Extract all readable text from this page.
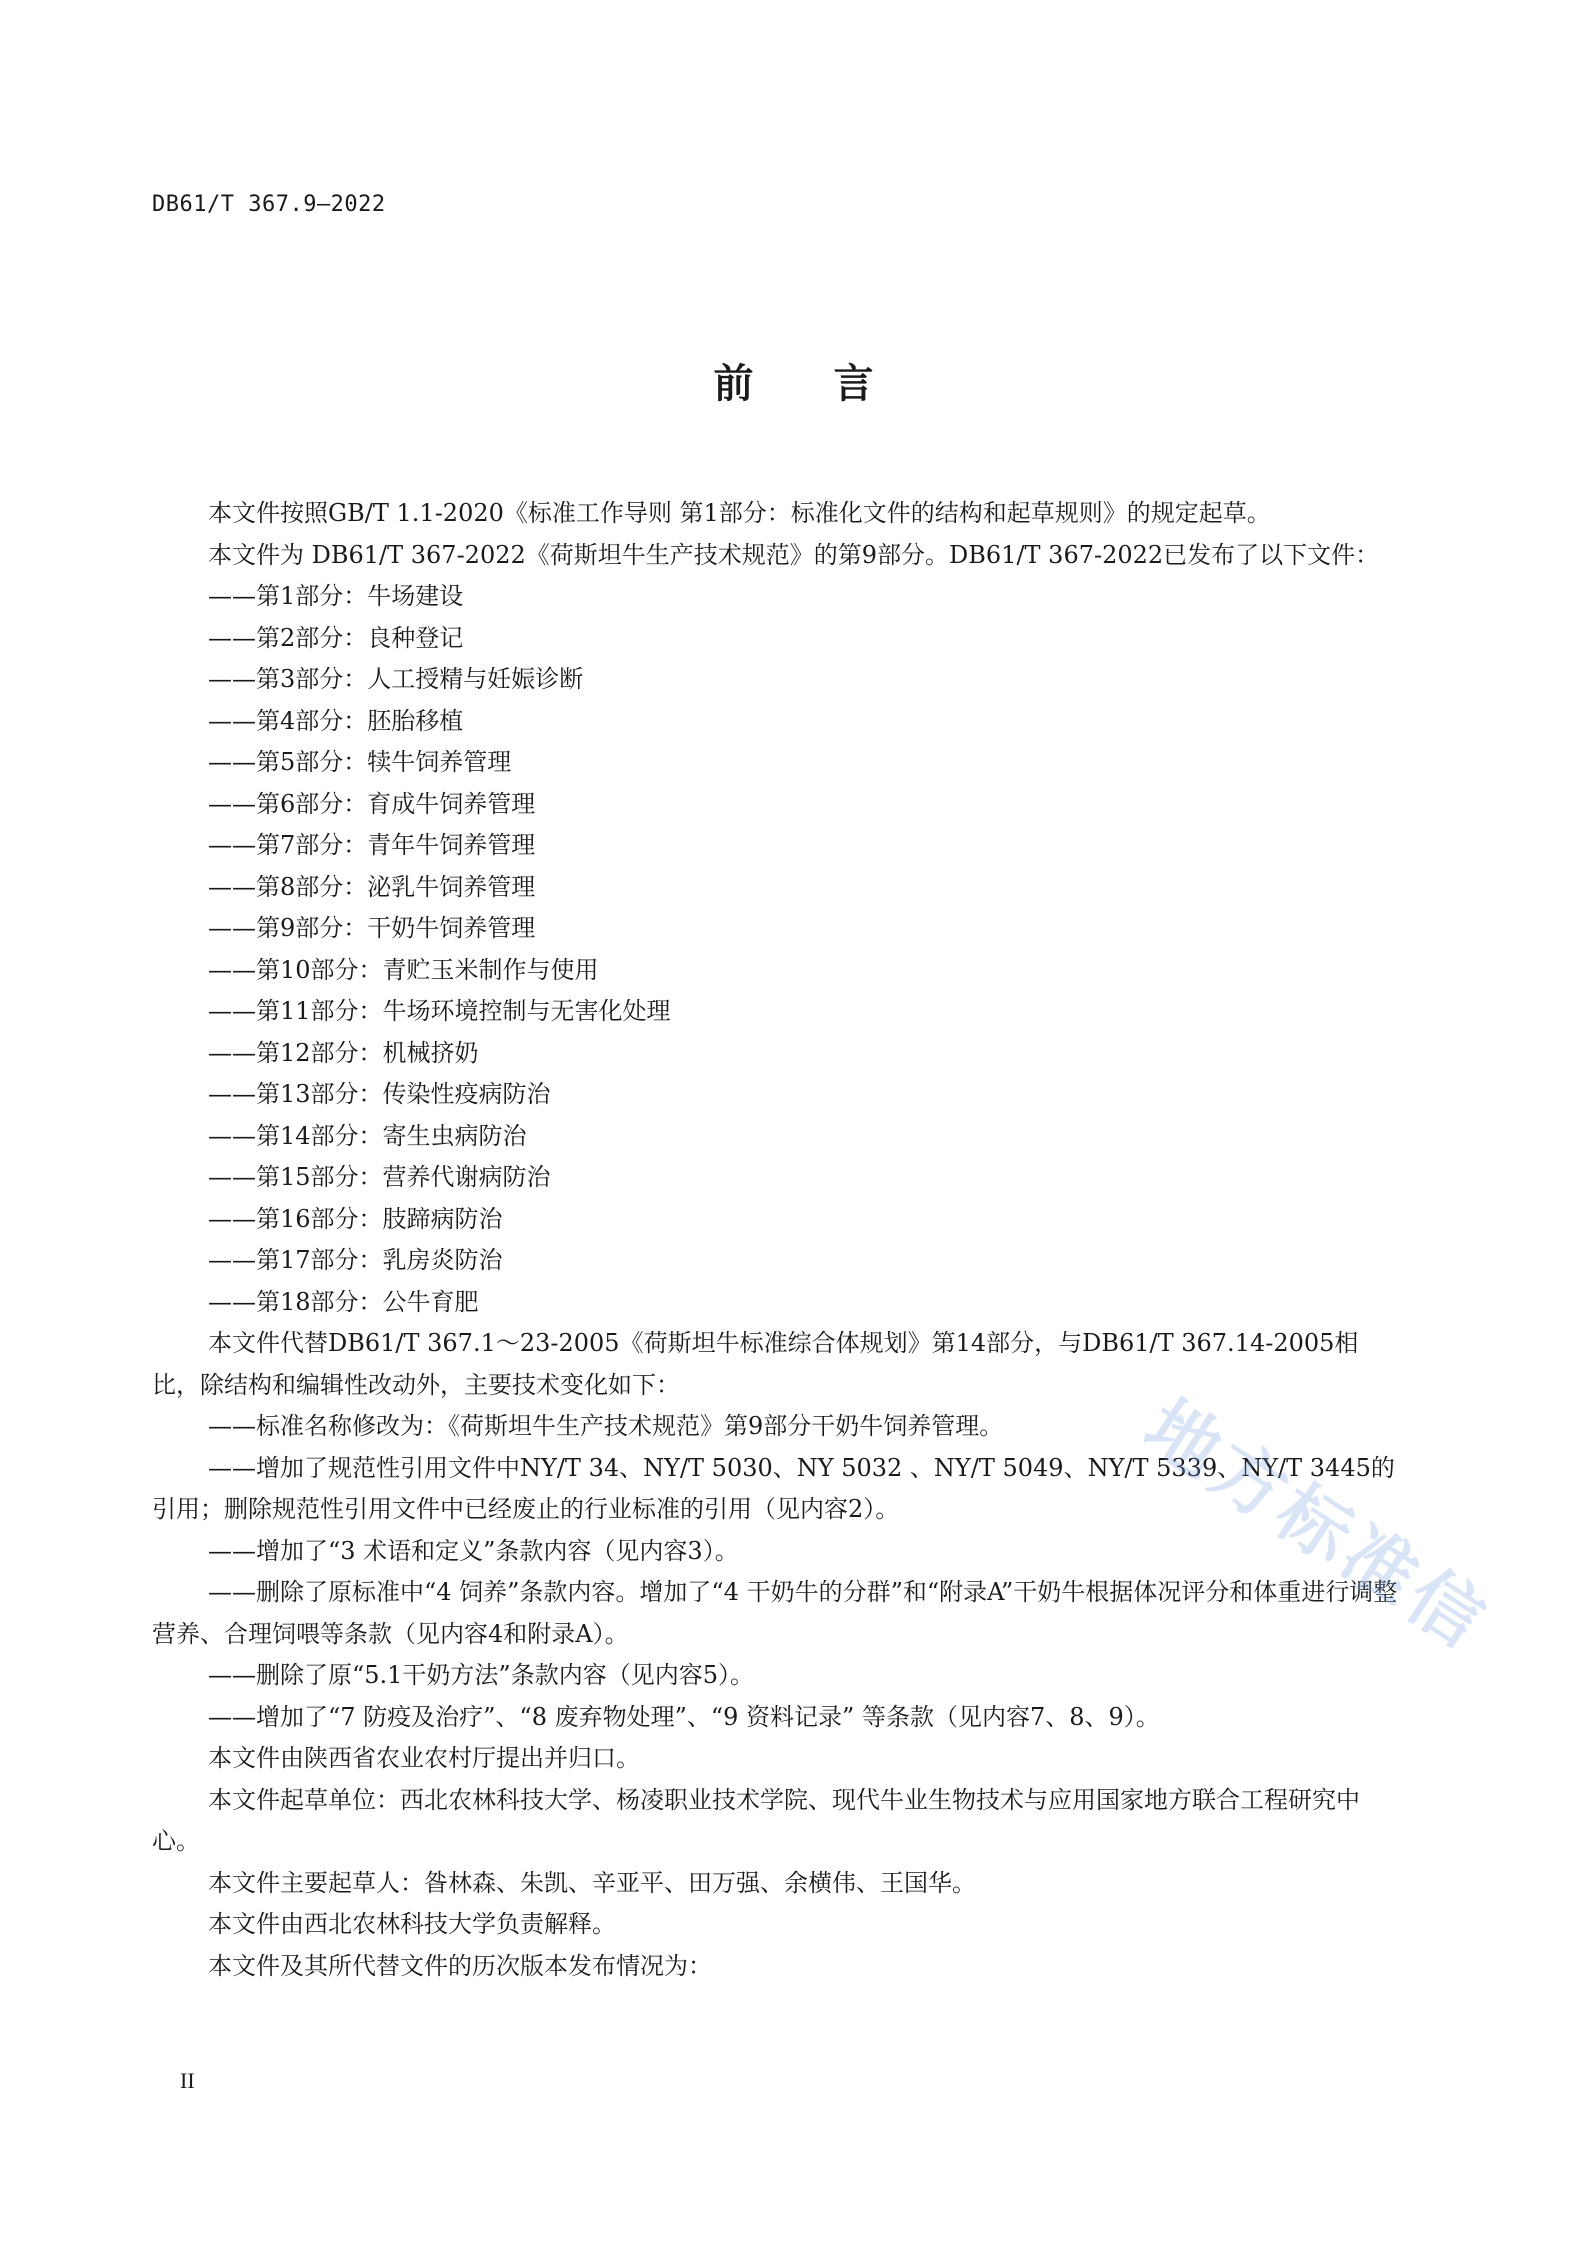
DB61/T 367.9—2022
前　　言

本文件按照GB/T 1.1-2020《标准工作导则 第1部分：标准化文件的结构和起草规则》的规定起草。

本文件为 DB61/T 367-2022《荷斯坦牛生产技术规范》的第9部分。DB61/T 367-2022已发布了以下文件：

——第1部分：牛场建设

——第2部分：良种登记

——第3部分：人工授精与妊娠诊断

——第4部分：胚胎移植

——第5部分：犊牛饲养管理

——第6部分：育成牛饲养管理

——第7部分：青年牛饲养管理

——第8部分：泌乳牛饲养管理

——第9部分：干奶牛饲养管理

——第10部分：青贮玉米制作与使用

——第11部分：牛场环境控制与无害化处理

——第12部分：机械挤奶

——第13部分：传染性疫病防治

——第14部分：寄生虫病防治

——第15部分：营养代谢病防治

——第16部分：肢蹄病防治

——第17部分：乳房炎防治

——第18部分：公牛育肥

本文件代替DB61/T 367.1～23-2005《荷斯坦牛标准综合体规划》第14部分，与DB61/T 367.14-2005相比，除结构和编辑性改动外，主要技术变化如下：

——标准名称修改为：《荷斯坦牛生产技术规范》第9部分干奶牛饲养管理。

——增加了规范性引用文件中NY/T 34、NY/T 5030、NY 5032 、NY/T 5049、NY/T 5339、NY/T 3445的引用；删除规范性引用文件中已经废止的行业标准的引用（见内容2）。

——增加了“3 术语和定义”条款内容（见内容3）。

——删除了原标准中“4 饲养”条款内容。增加了“4 干奶牛的分群”和“附录A”干奶牛根据体况评分和体重进行调整营养、合理饲喂等条款（见内容4和附录A）。

——删除了原“5.1干奶方法”条款内容（见内容5）。

——增加了“7 防疫及治疗”、“8 废弃物处理”、“9 资料记录” 等条款（见内容7、8、9）。

本文件由陕西省农业农村厅提出并归口。

本文件起草单位：西北农林科技大学、杨凌职业技术学院、现代牛业生物技术与应用国家地方联合工程研究中心。

本文件主要起草人：昝林森、朱凯、辛亚平、田万强、余横伟、王国华。

本文件由西北农林科技大学负责解释。

本文件及其所代替文件的历次版本发布情况为：

II
地方标准信
